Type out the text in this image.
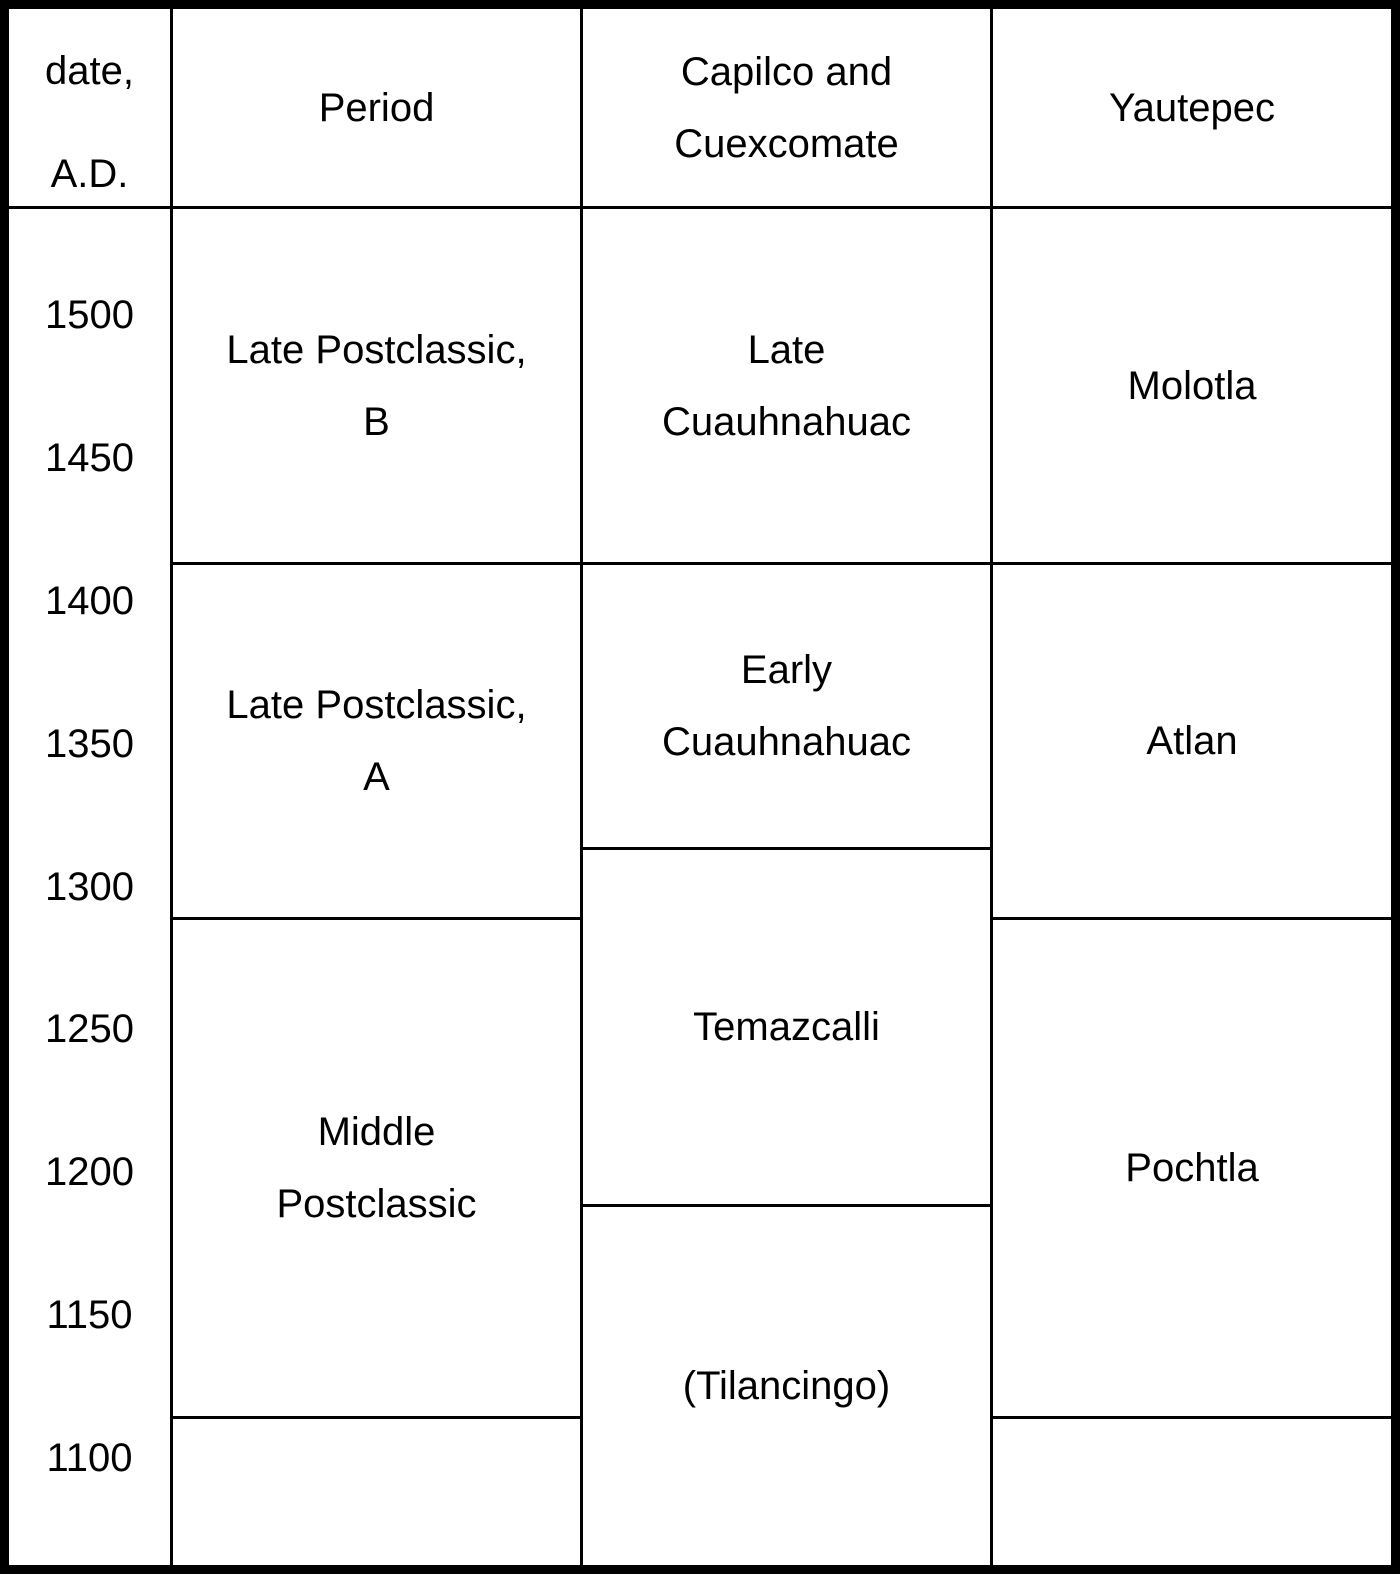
date,
A.D.
Period
Capilco and
Cuexcomate
Yautepec
1500
1450
1400
1350
1300
1250
1200
1150
1100
Late Postclassic,
B
Late Postclassic,
A
Middle
Postclassic
Late
Cuauhnahuac
Early
Cuauhnahuac
Temazcalli
(Tilancingo)
Molotla
Atlan
Pochtla
